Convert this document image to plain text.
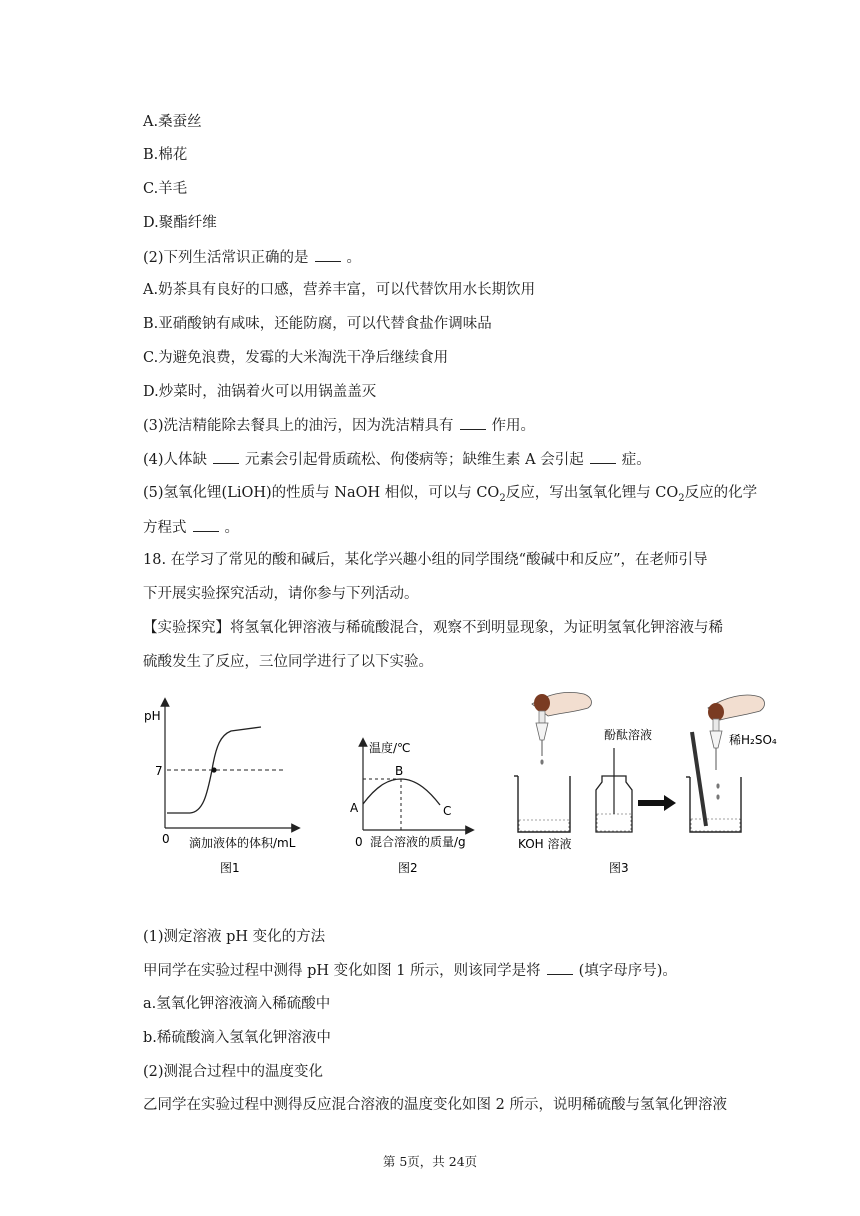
A.桑蚕丝
B.棉花
C.羊毛
D.聚酯纤维
(2)下列生活常识正确的是	。
A.奶茶具有良好的口感，营养丰富，可以代替饮用水长期饮用
B.亚硝酸钠有咸味，还能防腐，可以代替食盐作调味品
C.为避免浪费，发霉的大米淘洗干净后继续食用
D.炒菜时，油锅着火可以用锅盖盖灭
(3)洗洁精能除去餐具上的油污，因为洗洁精具有	作用。
(4)人体缺	元素会引起骨质疏松、佝偻病等；缺维生素 A 会引起	症。
(5)氢氧化锂(LiOH)的性质与 NaOH 相似，可以与 $CO_2$反应，写出氢氧化锂与 $CO_2$反应的化学
方程式	。
18. 在学习了常见的酸和碱后，某化学兴趣小组的同学围绕“酸碱中和反应”，在老师引导
下开展实验探究活动，请你参与下列活动。
【实验探究】将氢氧化钾溶液与稀硫酸混合，观察不到明显现象，为证明氢氧化钾溶液与稀
硫酸发生了反应，三位同学进行了以下实验。
pH
7
0 滴加液体的体积/mL
图1
温度/℃
A
B
C
0 混合溶液的质量/g
图2
KOH 溶液
酚酞溶液	稀H₂SO₄
图3
(1)测定溶液 pH 变化的方法
甲同学在实验过程中测得 pH 变化如图 1 所示，则该同学是将	(填字母序号)。
a.氢氧化钾溶液滴入稀硫酸中
b.稀硫酸滴入氢氧化钾溶液中
(2)测混合过程中的温度变化
乙同学在实验过程中测得反应混合溶液的温度变化如图 2 所示，说明稀硫酸与氢氧化钾溶液
第 5页，共 24页
